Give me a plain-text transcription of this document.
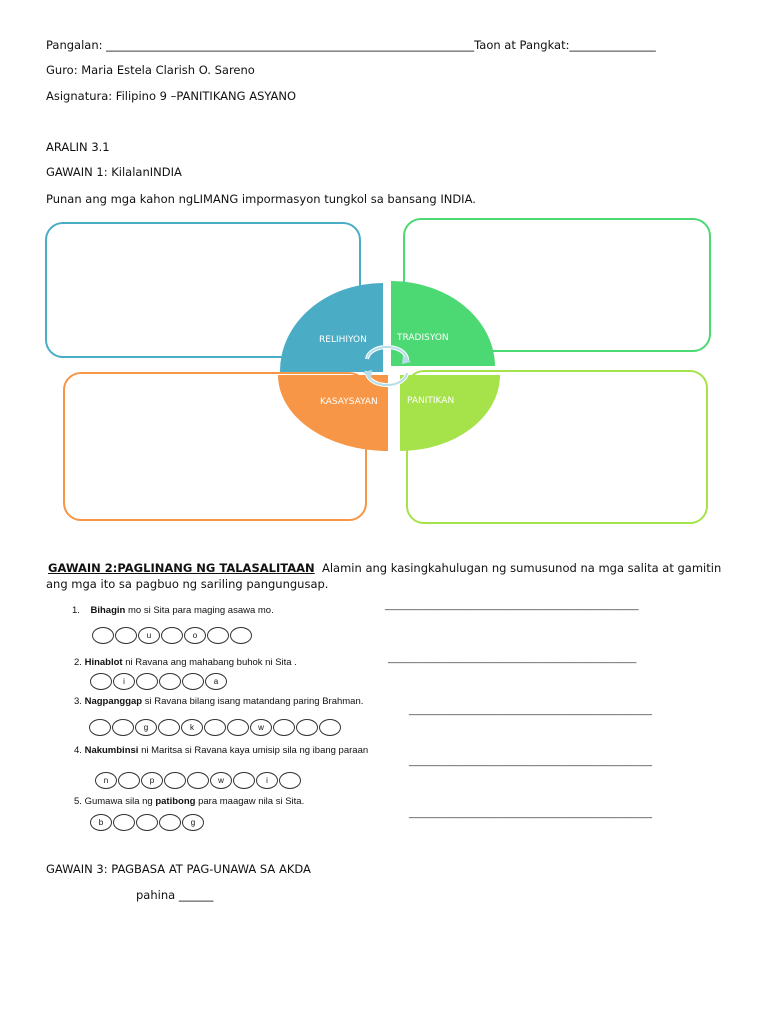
Pangalan: ________________________________________________________________Taon at Pangkat:_______________
Guro: Maria Estela Clarish O. Sareno
Asignatura: Filipino 9 –PANITIKANG ASYANO
ARALIN 3.1
GAWAIN 1: KilalanINDIA
Punan ang mga kahon ngLIMANG impormasyon tungkol sa bansang INDIA.
RELIHIYON	TRADISYON
KASAYSAYAN	PANITIKAN
GAWAIN 2:PAGLINANG NG TALASALITAAN Alamin ang kasingkahulugan ng sumusunod na mga salita at gamitin
ang mga ito sa pagbuo ng sariling pangungusap.
1. Bihagin mo si Sita para maging asawa mo.	________________________________________________
u	o
2. Hinablot ni Ravana ang mahabang buhok ni Sita .	_______________________________________________
i	a
3. Nagpanggap si Ravana bilang isang matandang paring Brahman.
______________________________________________
g	k	w
4. Nakumbinsi ni Maritsa si Ravana kaya umisip sila ng ibang paraan
______________________________________________
n	p	w	i
5. Gumawa sila ng patibong para maagaw nila si Sita.
______________________________________________
b	g
GAWAIN 3: PAGBASA AT PAG-UNAWA SA AKDA
pahina ______
